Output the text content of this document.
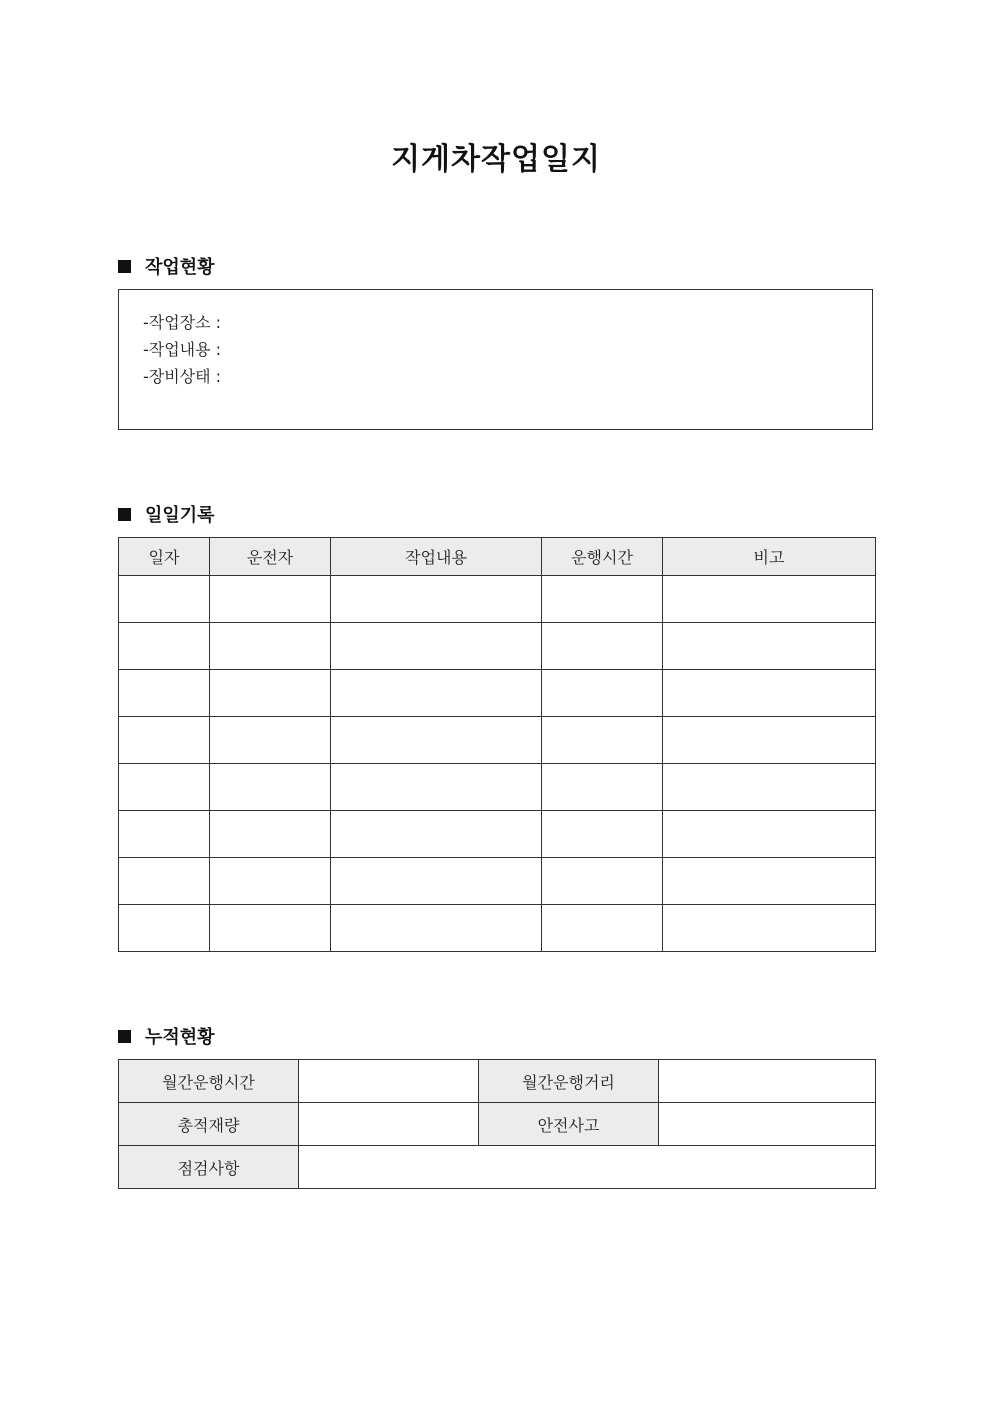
지게차작업일지
작업현황
-작업장소 :
-작업내용 :
-장비상태 :
일일기록
일자	운전자	작업내용	운행시간	비고

누적현황
월간운행시간		월간운행거리	
총적재량		안전사고	
점검사항			
